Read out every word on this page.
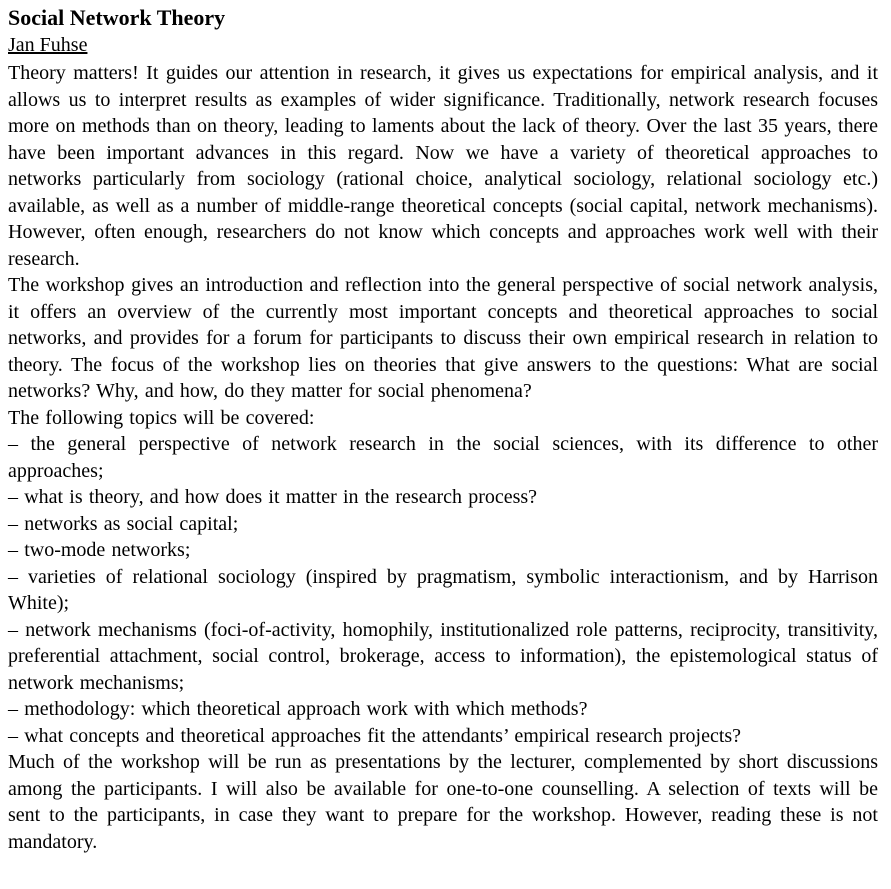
Social Network Theory
Jan Fuhse

Theory matters! It guides our attention in research, it gives us expectations for empirical analysis, and it allows us to interpret results as examples of wider significance. Traditionally, network research focuses more on methods than on theory, leading to laments about the lack of theory. Over the last 35 years, there have been important advances in this regard. Now we have a variety of theoretical approaches to networks particularly from sociology (rational choice, analytical sociology, relational sociology etc.) available, as well as a number of middle-range theoretical concepts (social capital, network mechanisms). However, often enough, researchers do not know which concepts and approaches work well with their research.

The workshop gives an introduction and reflection into the general perspective of social network analysis, it offers an overview of the currently most important concepts and theoretical approaches to social networks, and provides for a forum for participants to discuss their own empirical research in relation to theory. The focus of the workshop lies on theories that give answers to the questions: What are social networks? Why, and how, do they matter for social phenomena?

The following topics will be covered:

– the general perspective of network research in the social sciences, with its difference to other approaches;

– what is theory, and how does it matter in the research process?

– networks as social capital;

– two-mode networks;

– varieties of relational sociology (inspired by pragmatism, symbolic interactionism, and by Harrison White);

– network mechanisms (foci-of-activity, homophily, institutionalized role patterns, reciprocity, transitivity, preferential attachment, social control, brokerage, access to information), the epistemological status of network mechanisms;

– methodology: which theoretical approach work with which methods?

– what concepts and theoretical approaches fit the attendants’ empirical research projects?

Much of the workshop will be run as presentations by the lecturer, complemented by short discussions among the participants. I will also be available for one-to-one counselling. A selection of texts will be sent to the participants, in case they want to prepare for the workshop. However, reading these is not mandatory.
